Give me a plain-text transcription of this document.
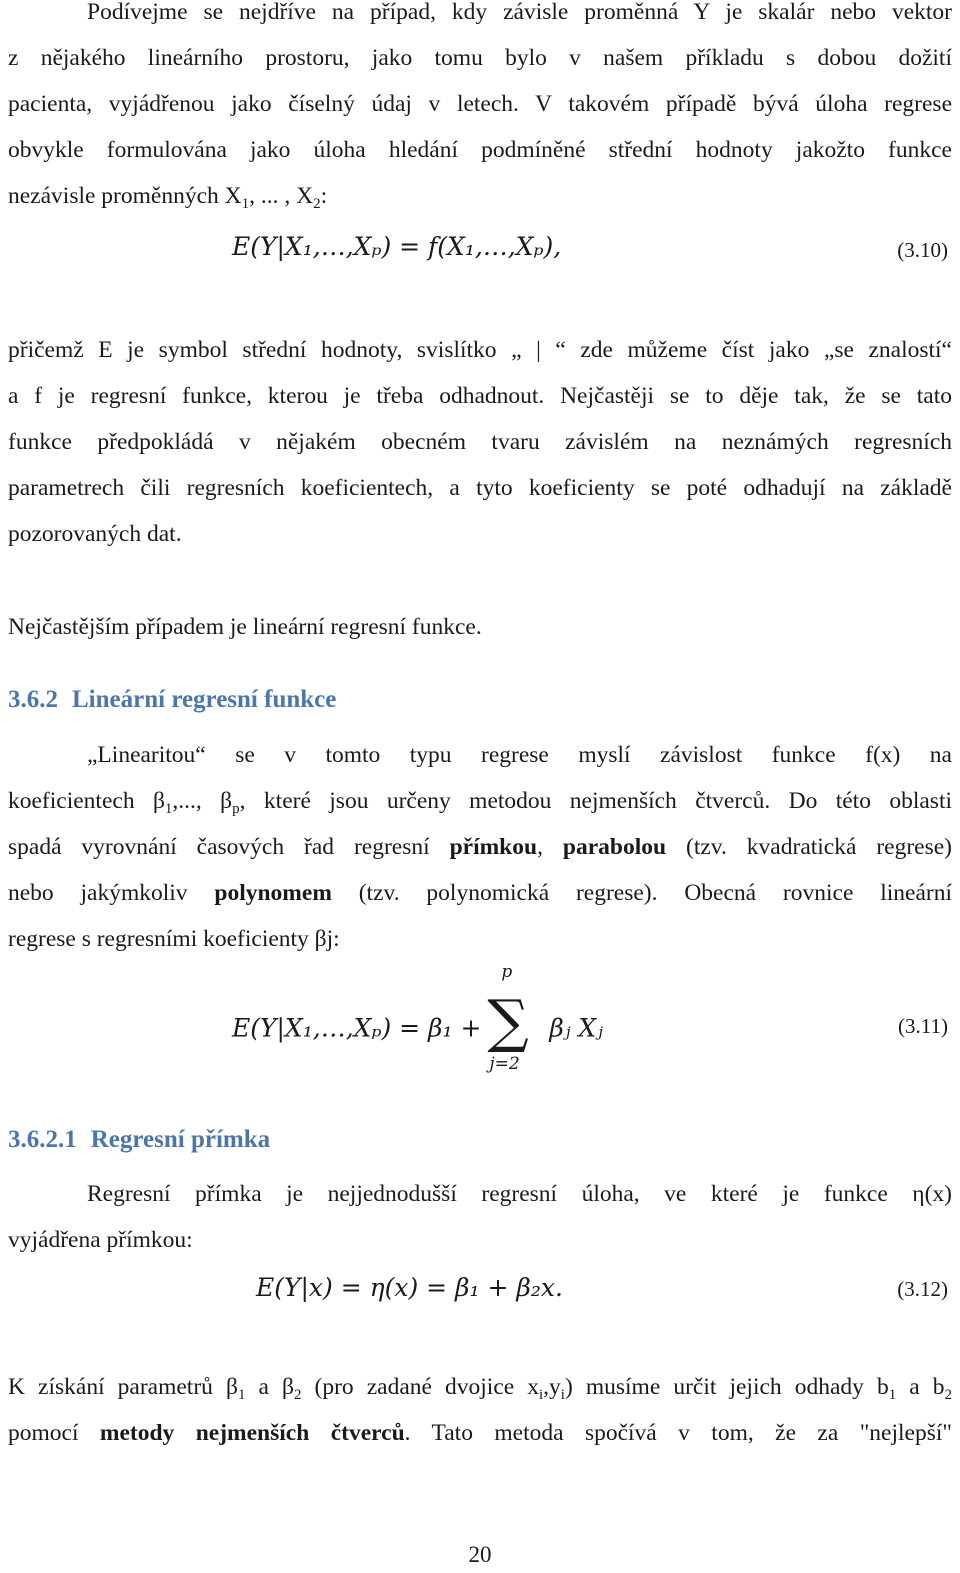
Podívejme se nejdříve na případ, kdy závisle proměnná Y je skalár nebo vektor
z nějakého lineárního prostoru, jako tomu bylo v našem příkladu s dobou dožití
pacienta, vyjádřenou jako číselný údaj v letech. V takovém případě bývá úloha regrese
obvykle formulována jako úloha hledání podmíněné střední hodnoty jakožto funkce
nezávisle proměnných $X_1$, ... , $X_2$:
E(Y|X₁,…,Xₚ) = f(X₁,…,Xₚ),	(3.10)
přičemž E je symbol střední hodnoty, svislítko „ | “ zde můžeme číst jako „se znalostí“
a f je regresní funkce, kterou je třeba odhadnout. Nejčastěji se to děje tak, že se tato
funkce předpokládá v nějakém obecném tvaru závislém na neznámých regresních
parametrech čili regresních koeficientech, a tyto koeficienty se poté odhadují na základě
pozorovaných dat.
Nejčastějším případem je lineární regresní funkce.
3.6.2 Lineární regresní funkce
„Linearitou“ se v tomto typu regrese myslí závislost funkce f(x) na
koeficientech $\beta_1$,..., $\beta_p$, které jsou určeny metodou nejmenších čtverců. Do této oblasti
spadá vyrovnání časových řad regresní přímkou, parabolou (tzv. kvadratická regrese)
nebo jakýmkoliv polynomem (tzv. polynomická regrese). Obecná rovnice lineární
regrese s regresními koeficienty βj:
E(Y|X₁,…,Xₚ) = β₁ +
p
∑
j=2
βⱼ Xⱼ	(3.11)
3.6.2.1 Regresní přímka
Regresní přímka je nejjednodušší regresní úloha, ve které je funkce η(x)
vyjádřena přímkou:
E(Y|x) = η(x) = β₁ + β₂x.	(3.12)
K získání parametrů $\beta_1$ a $\beta_2$ (pro zadané dvojice $x_i,y_i$) musíme určit jejich odhady $b_1$ a $b_2$
pomocí metody nejmenších čtverců. Tato metoda spočívá v tom, že za "nejlepší"
20
